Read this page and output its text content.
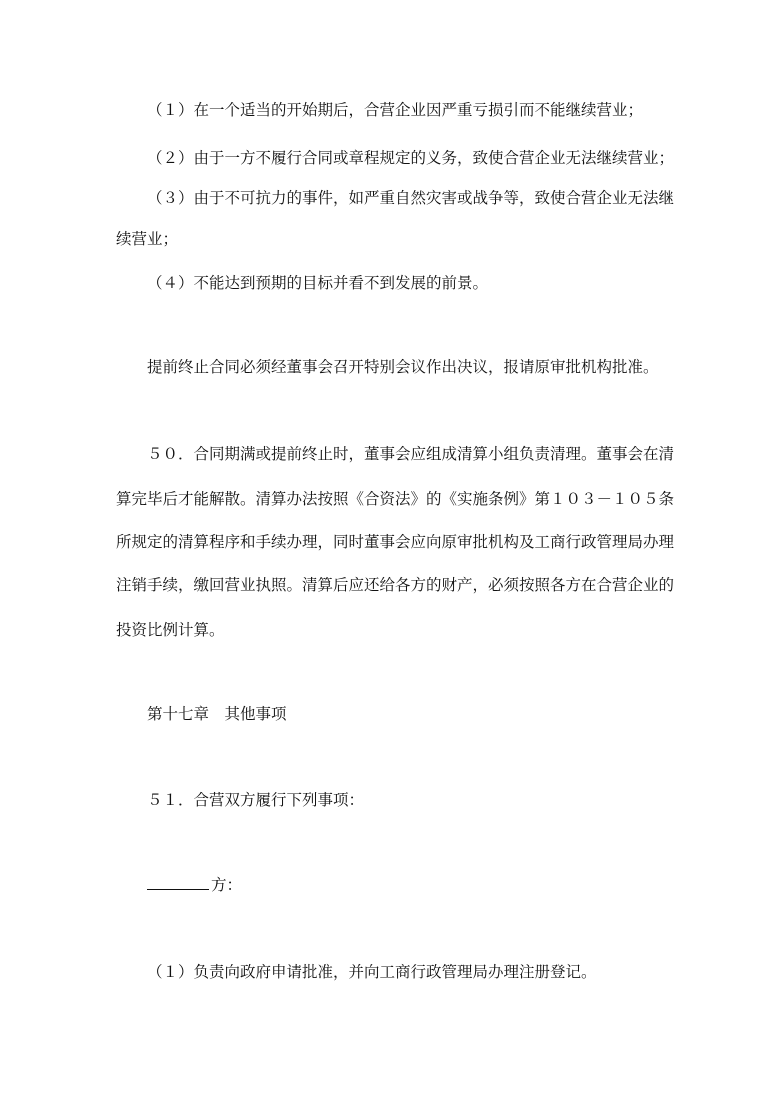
（１）在一个适当的开始期后，合营企业因严重亏损引而不能继续营业；
（２）由于一方不履行合同或章程规定的义务，致使合营企业无法继续营业；
（３）由于不可抗力的事件，如严重自然灾害或战争等，致使合营企业无法继
续营业；
（４）不能达到预期的目标并看不到发展的前景。
提前终止合同必须经董事会召开特别会议作出决议，报请原审批机构批准。
５０．合同期满或提前终止时，董事会应组成清算小组负责清理。董事会在清
算完毕后才能解散。清算办法按照《合资法》的《实施条例》第１０３－１０５条
所规定的清算程序和手续办理，同时董事会应向原审批机构及工商行政管理局办理
注销手续，缴回营业执照。清算后应还给各方的财产，必须按照各方在合营企业的
投资比例计算。
第十七章　其他事项
５１．合营双方履行下列事项：
方：
（１）负责向政府申请批准，并向工商行政管理局办理注册登记。
